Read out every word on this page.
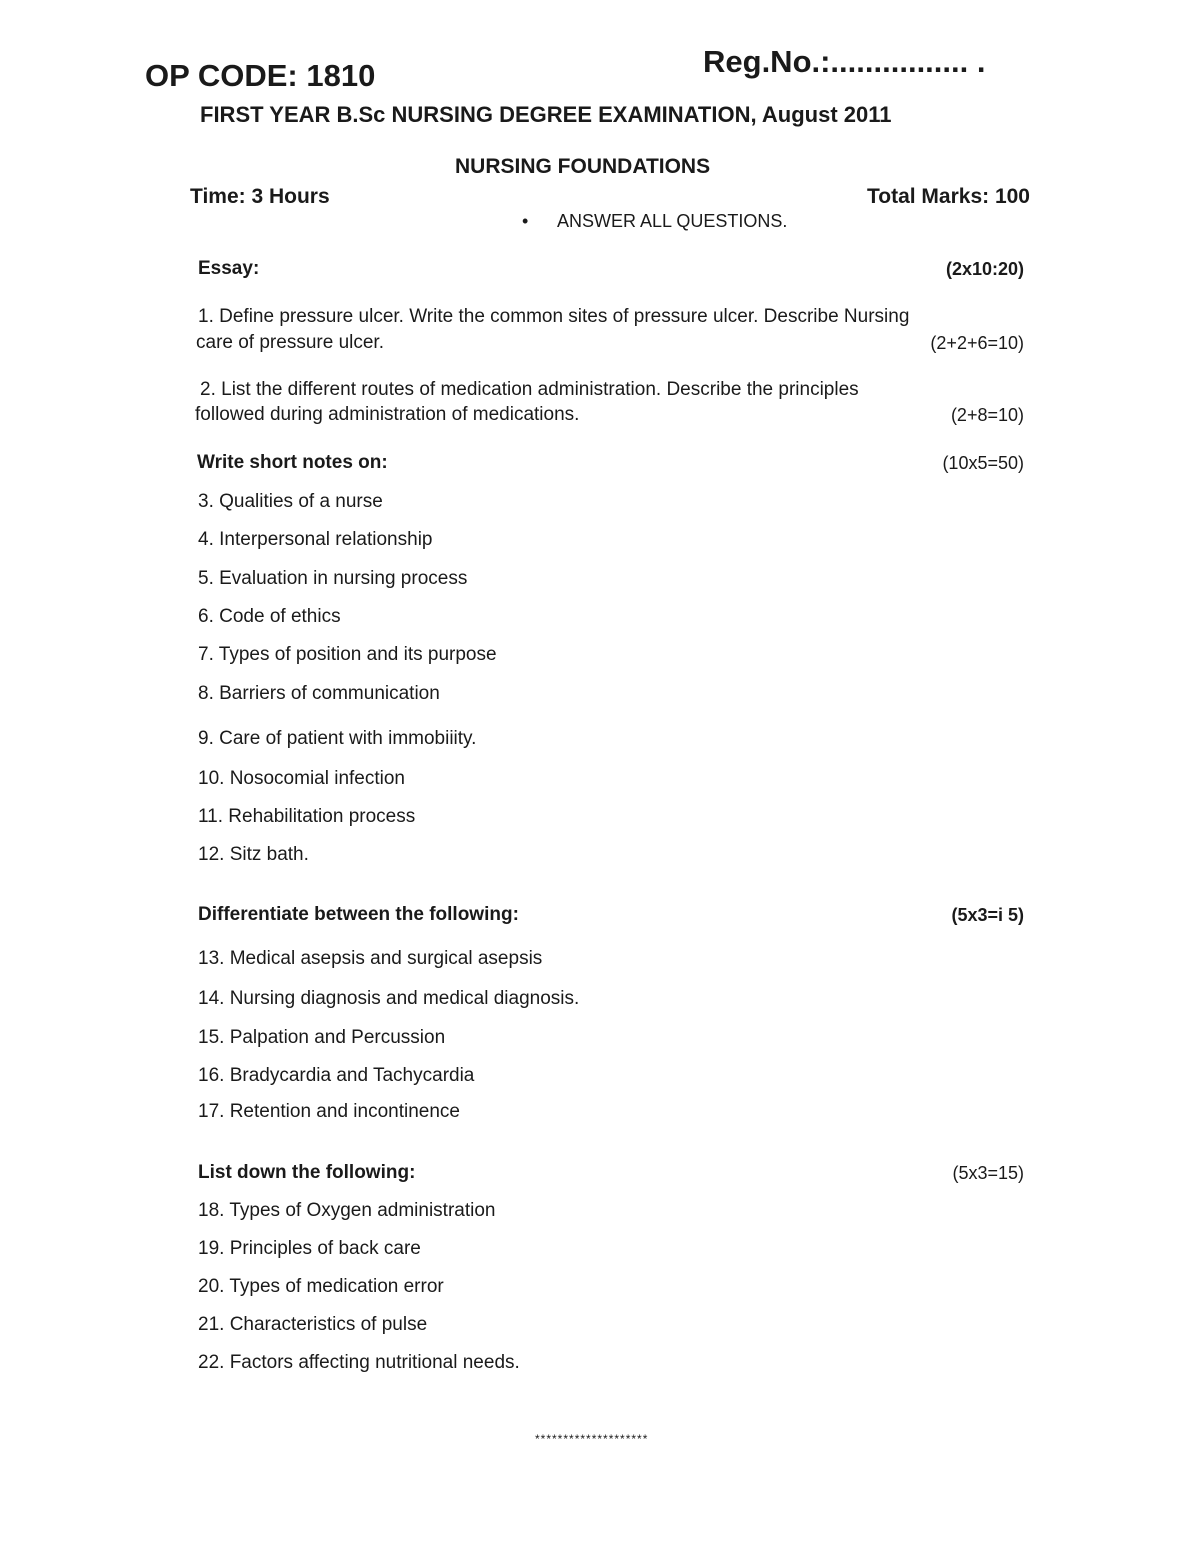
OP CODE: 1810	Reg.No.:................ .
FIRST YEAR B.Sc NURSING DEGREE EXAMINATION, August 2011
NURSING FOUNDATIONS
Time: 3 Hours	Total Marks: 100
• ANSWER ALL QUESTIONS.
Essay:	(2x10:20)
1. Define pressure ulcer. Write the common sites of pressure ulcer. Describe Nursing
care of pressure ulcer.	(2+2+6=10)
2. List the different routes of medication administration. Describe the principles
followed during administration of medications.	(2+8=10)
Write short notes on:	(10x5=50)
3. Qualities of a nurse
4. Interpersonal relationship
5. Evaluation in nursing process
6. Code of ethics
7. Types of position and its purpose
8. Barriers of communication
9. Care of patient with immobiiity.
10. Nosocomial infection
11. Rehabilitation process
12. Sitz bath.
Differentiate between the following:	(5x3=i 5)
13. Medical asepsis and surgical asepsis
14. Nursing diagnosis and medical diagnosis.
15. Palpation and Percussion
16. Bradycardia and Tachycardia
17. Retention and incontinence
List down the following:	(5x3=15)
18. Types of Oxygen administration
19. Principles of back care
20. Types of medication error
21. Characteristics of pulse
22. Factors affecting nutritional needs.
********************
